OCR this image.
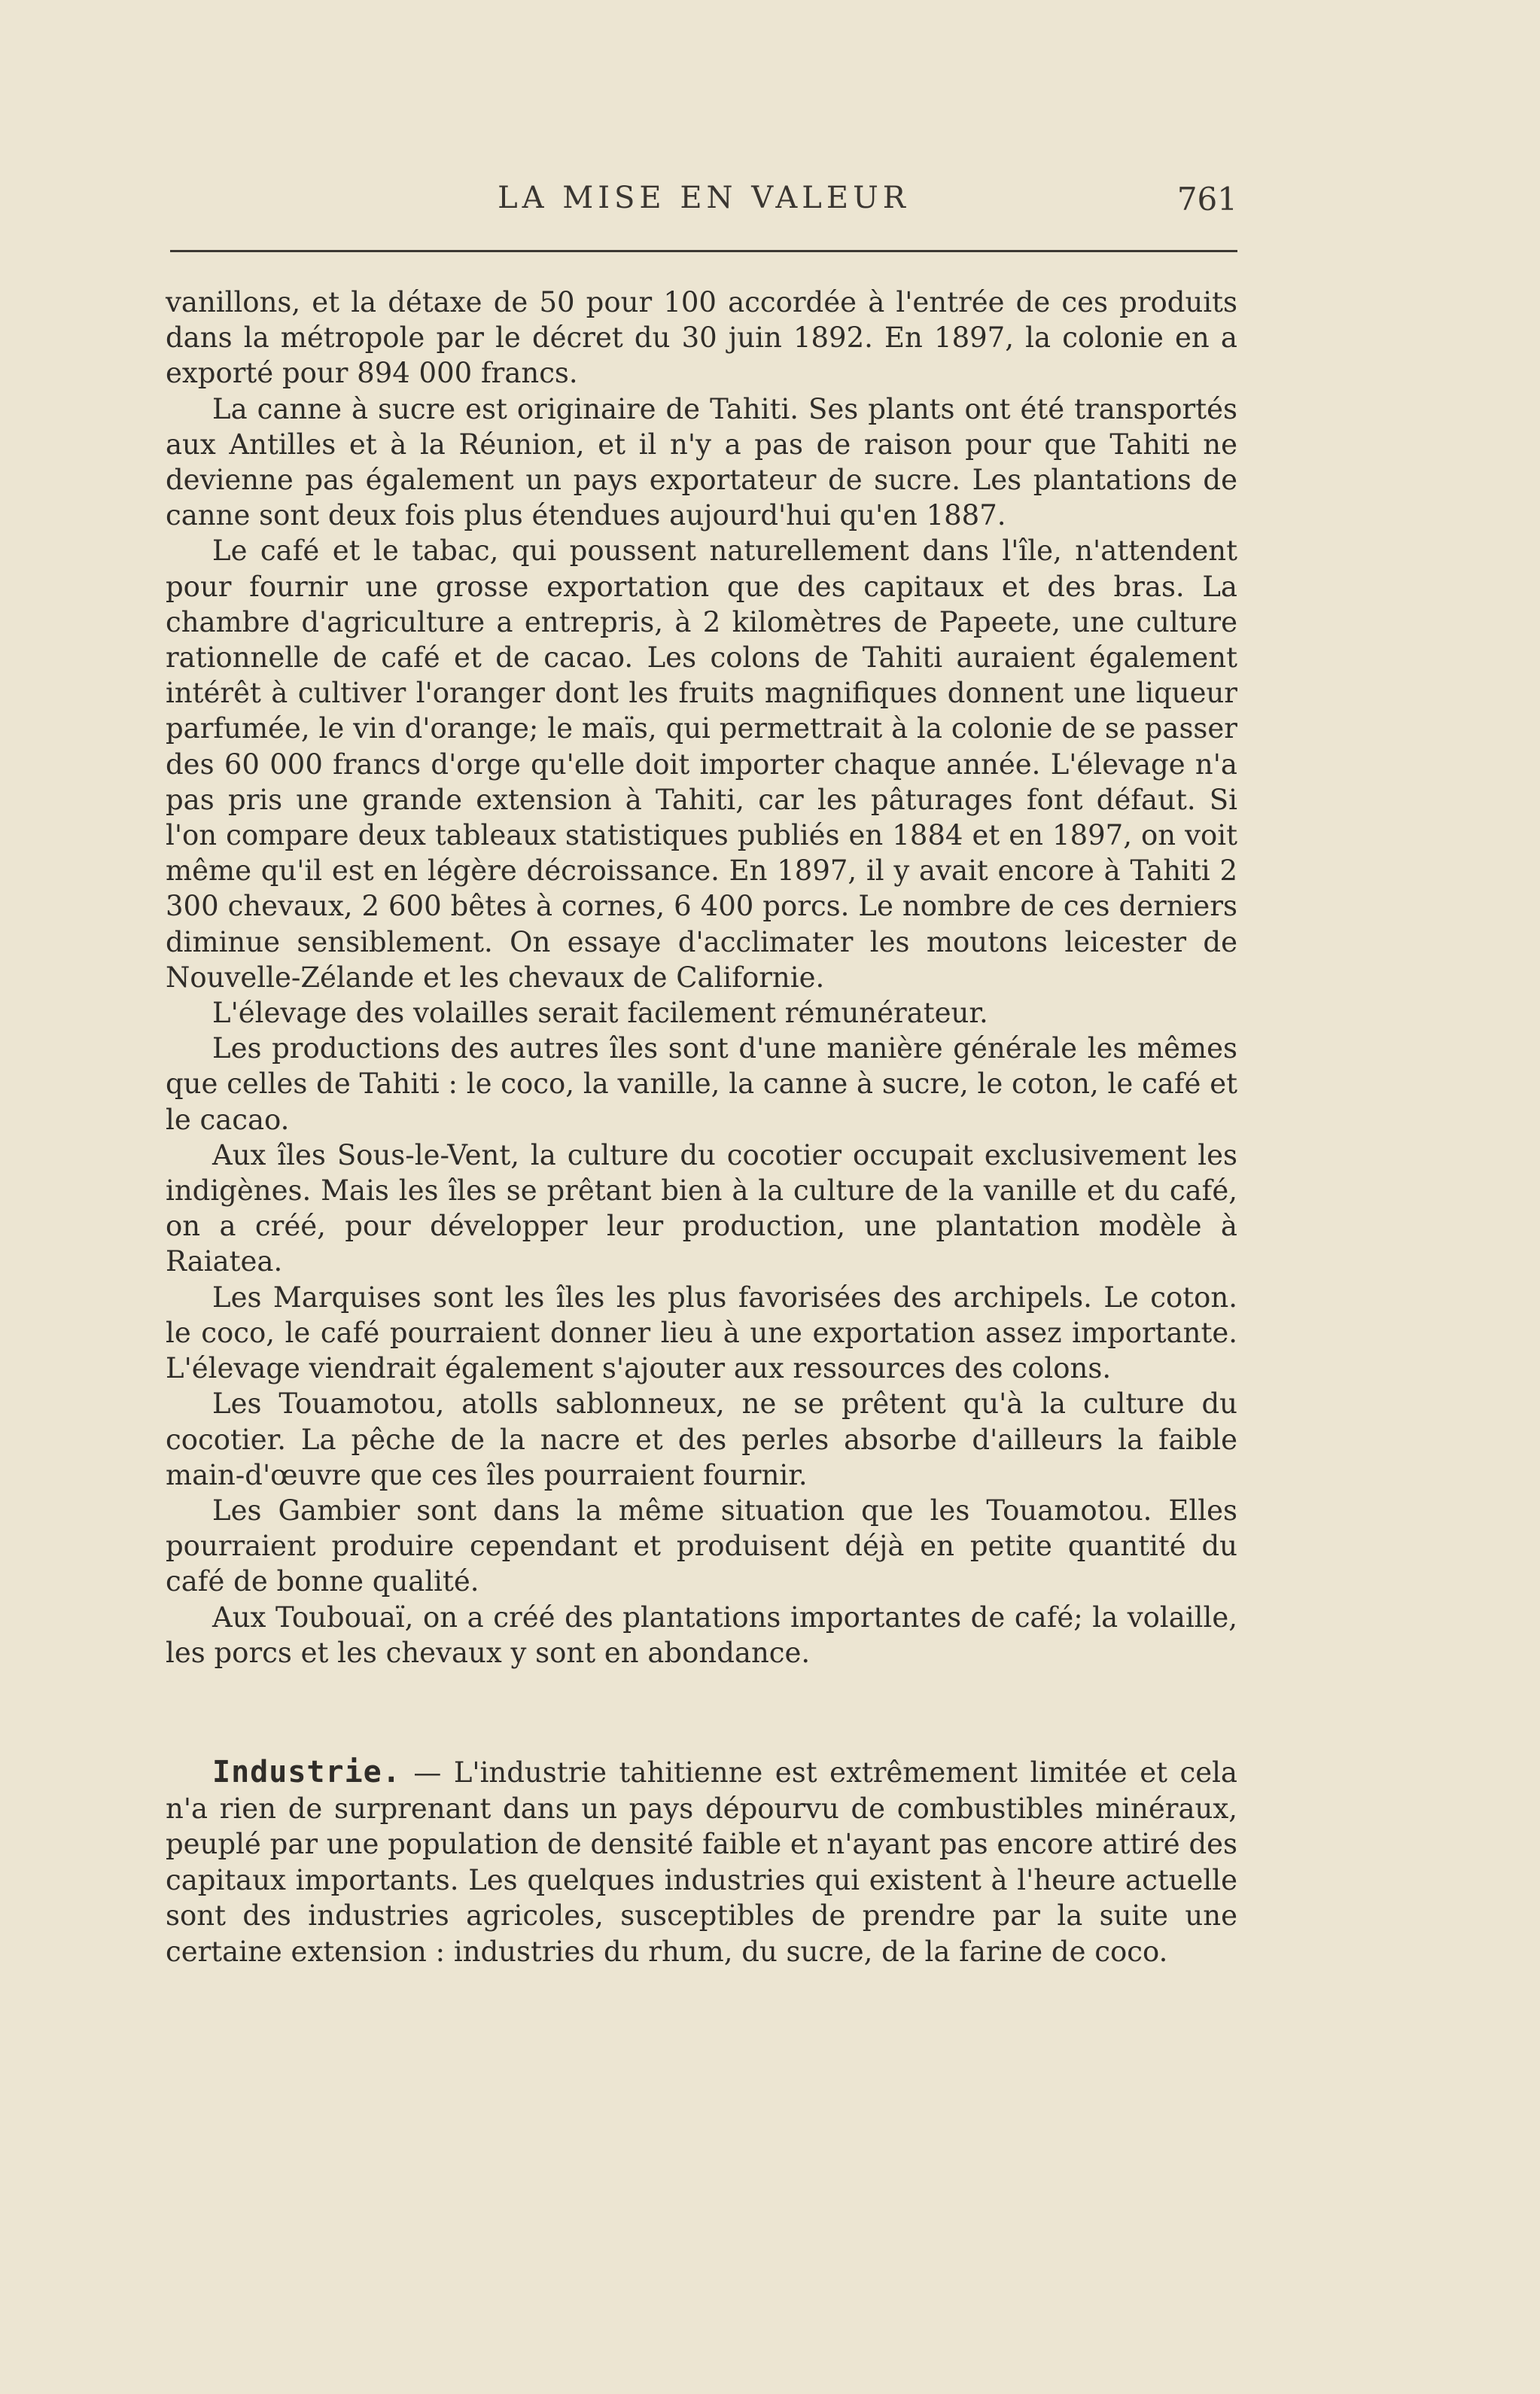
LA MISE EN VALEUR	761

vanillons, et la détaxe de 50 pour 100 accordée à l'entrée de ces produits dans la métropole par le décret du 30 juin 1892. En 1897, la colonie en a exporté pour 894 000 francs.

La canne à sucre est originaire de Tahiti. Ses plants ont été transportés aux Antilles et à la Réunion, et il n'y a pas de raison pour que Tahiti ne devienne pas également un pays exportateur de sucre. Les plantations de canne sont deux fois plus étendues aujourd'hui qu'en 1887.

Le café et le tabac, qui poussent naturellement dans l'île, n'attendent pour fournir une grosse exportation que des capitaux et des bras. La chambre d'agriculture a entrepris, à 2 kilomètres de Papeete, une culture rationnelle de café et de cacao. Les colons de Tahiti auraient également intérêt à cultiver l'oranger dont les fruits magnifiques donnent une liqueur parfumée, le vin d'orange; le maïs, qui permettrait à la colonie de se passer des 60 000 francs d'orge qu'elle doit importer chaque année. L'élevage n'a pas pris une grande extension à Tahiti, car les pâturages font défaut. Si l'on compare deux tableaux statistiques publiés en 1884 et en 1897, on voit même qu'il est en légère décroissance. En 1897, il y avait encore à Tahiti 2 300 chevaux, 2 600 bêtes à cornes, 6 400 porcs. Le nombre de ces derniers diminue sensiblement. On essaye d'acclimater les moutons leicester de Nouvelle-Zélande et les chevaux de Californie.

L'élevage des volailles serait facilement rémunérateur.

Les productions des autres îles sont d'une manière générale les mêmes que celles de Tahiti : le coco, la vanille, la canne à sucre, le coton, le café et le cacao.

Aux îles Sous-le-Vent, la culture du cocotier occupait exclusivement les indigènes. Mais les îles se prêtant bien à la culture de la vanille et du café, on a créé, pour développer leur production, une plantation modèle à Raiatea.

Les Marquises sont les îles les plus favorisées des archipels. Le coton. le coco, le café pourraient donner lieu à une exportation assez importante. L'élevage viendrait également s'ajouter aux ressources des colons.

Les Touamotou, atolls sablonneux, ne se prêtent qu'à la culture du cocotier. La pêche de la nacre et des perles absorbe d'ailleurs la faible main-d'œuvre que ces îles pourraient fournir.

Les Gambier sont dans la même situation que les Touamotou. Elles pourraient produire cependant et produisent déjà en petite quantité du café de bonne qualité.

Aux Toubouaï, on a créé des plantations importantes de café; la volaille, les porcs et les chevaux y sont en abondance.

Industrie. — L'industrie tahitienne est extrêmement limitée et cela n'a rien de surprenant dans un pays dépourvu de combustibles minéraux, peuplé par une population de densité faible et n'ayant pas encore attiré des capitaux importants. Les quelques industries qui existent à l'heure actuelle sont des industries agricoles, susceptibles de prendre par la suite une certaine extension : industries du rhum, du sucre, de la farine de coco.
